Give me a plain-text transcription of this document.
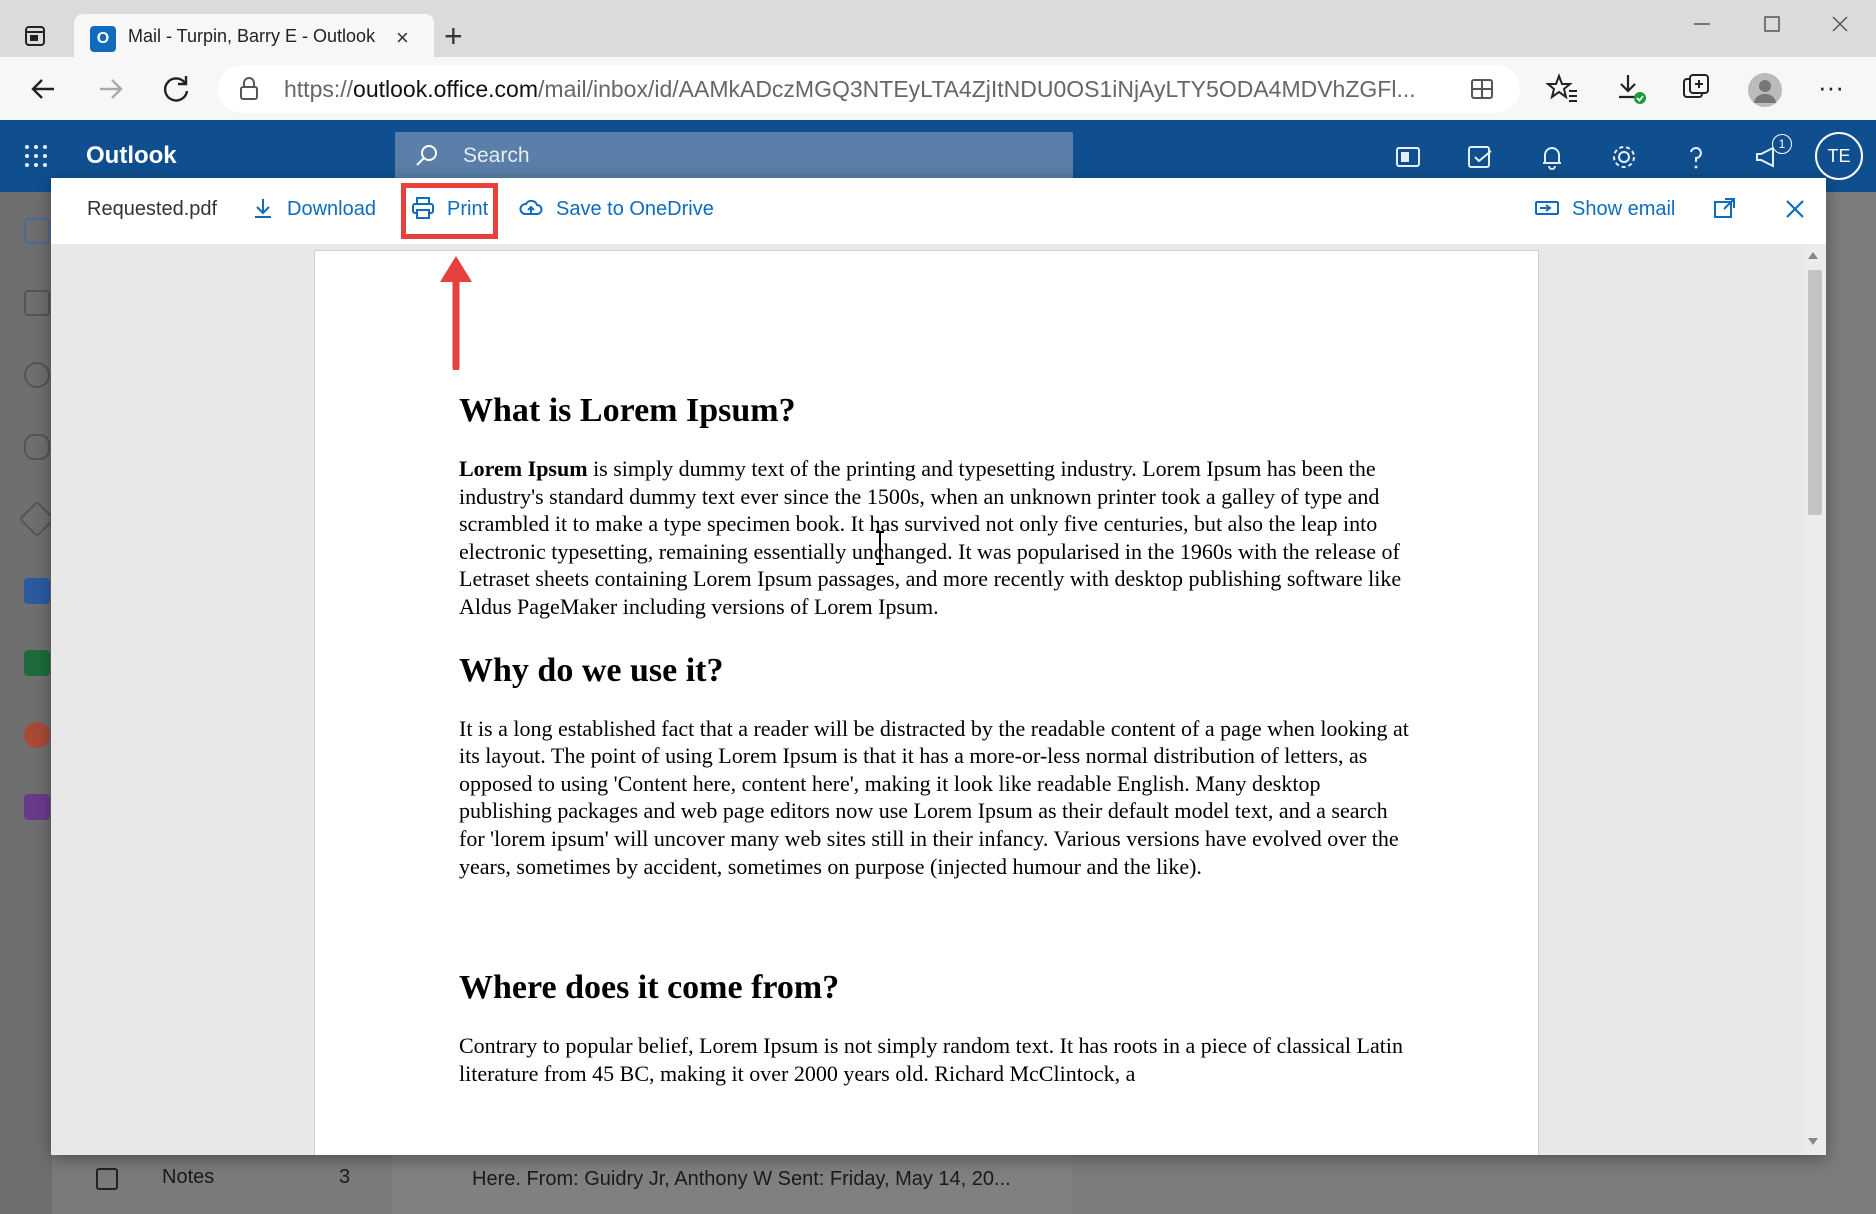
O	Mail - Turpin, Barry E - Outlook × +
https://outlook.office.com/mail/inbox/id/AAMkADczMGQ3NTEyLTA4ZjItNDU0OS1iNjAyLTY5ODA4MDVhZGFl...	···
Outlook	Search	1
TE
Notes	3	Here. From: Guidry Jr, Anthony W Sent: Friday, May 14, 20...
Requested.pdf	Download	Print	Save to OneDrive	Show email
What is Lorem Ipsum?

Lorem Ipsum is simply dummy text of the printing and typesetting industry. Lorem Ipsum has been the industry's standard dummy text ever since the 1500s, when an unknown printer took a galley of type and scrambled it to make a type specimen book. It has survived not only five centuries, but also the leap into electronic typesetting, remaining essentially unchanged. It was popularised in the 1960s with the release of Letraset sheets containing Lorem Ipsum passages, and more recently with desktop publishing software like Aldus PageMaker including versions of Lorem Ipsum.

Why do we use it?

It is a long established fact that a reader will be distracted by the readable content of a page when looking at its layout. The point of using Lorem Ipsum is that it has a more-or-less normal distribution of letters, as opposed to using 'Content here, content here', making it look like readable English. Many desktop publishing packages and web page editors now use Lorem Ipsum as their default model text, and a search for 'lorem ipsum' will uncover many web sites still in their infancy. Various versions have evolved over the years, sometimes by accident, sometimes on purpose (injected humour and the like).

Where does it come from?

Contrary to popular belief, Lorem Ipsum is not simply random text. It has roots in a piece of classical Latin literature from 45 BC, making it over 2000 years old. Richard McClintock, a
